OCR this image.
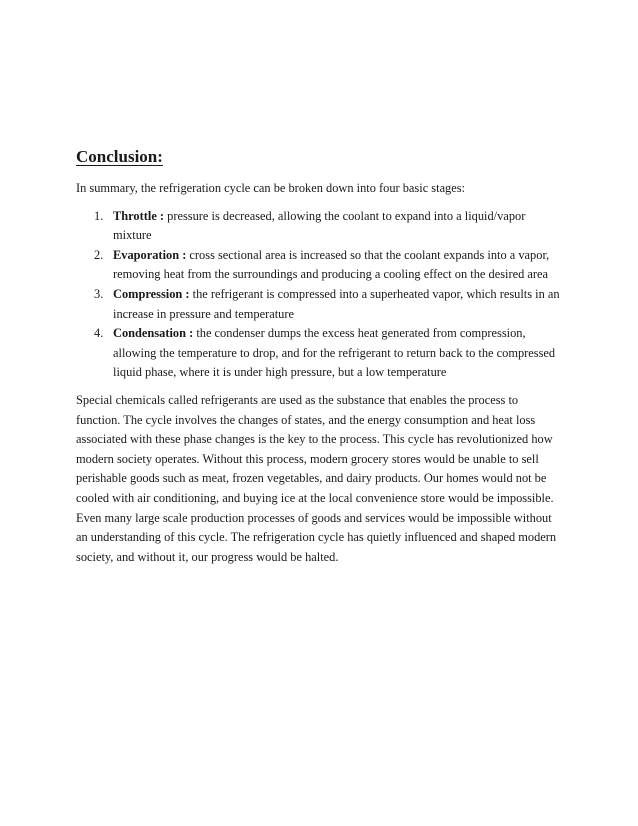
Conclusion:

In summary, the refrigeration cycle can be broken down into four basic stages:

1. Throttle : pressure is decreased, allowing the coolant to expand into a liquid/vapor mixture
2. Evaporation : cross sectional area is increased so that the coolant expands into a vapor, removing heat from the surroundings and producing a cooling effect on the desired area
3. Compression : the refrigerant is compressed into a superheated vapor, which results in an increase in pressure and temperature
4. Condensation : the condenser dumps the excess heat generated from compression, allowing the temperature to drop, and for the refrigerant to return back to the compressed liquid phase, where it is under high pressure, but a low temperature

Special chemicals called refrigerants are used as the substance that enables the process to function. The cycle involves the changes of states, and the energy consumption and heat loss associated with these phase changes is the key to the process. This cycle has revolutionized how modern society operates. Without this process, modern grocery stores would be unable to sell perishable goods such as meat, frozen vegetables, and dairy products. Our homes would not be cooled with air conditioning, and buying ice at the local convenience store would be impossible. Even many large scale production processes of goods and services would be impossible without an understanding of this cycle. The refrigeration cycle has quietly influenced and shaped modern society, and without it, our progress would be halted.
